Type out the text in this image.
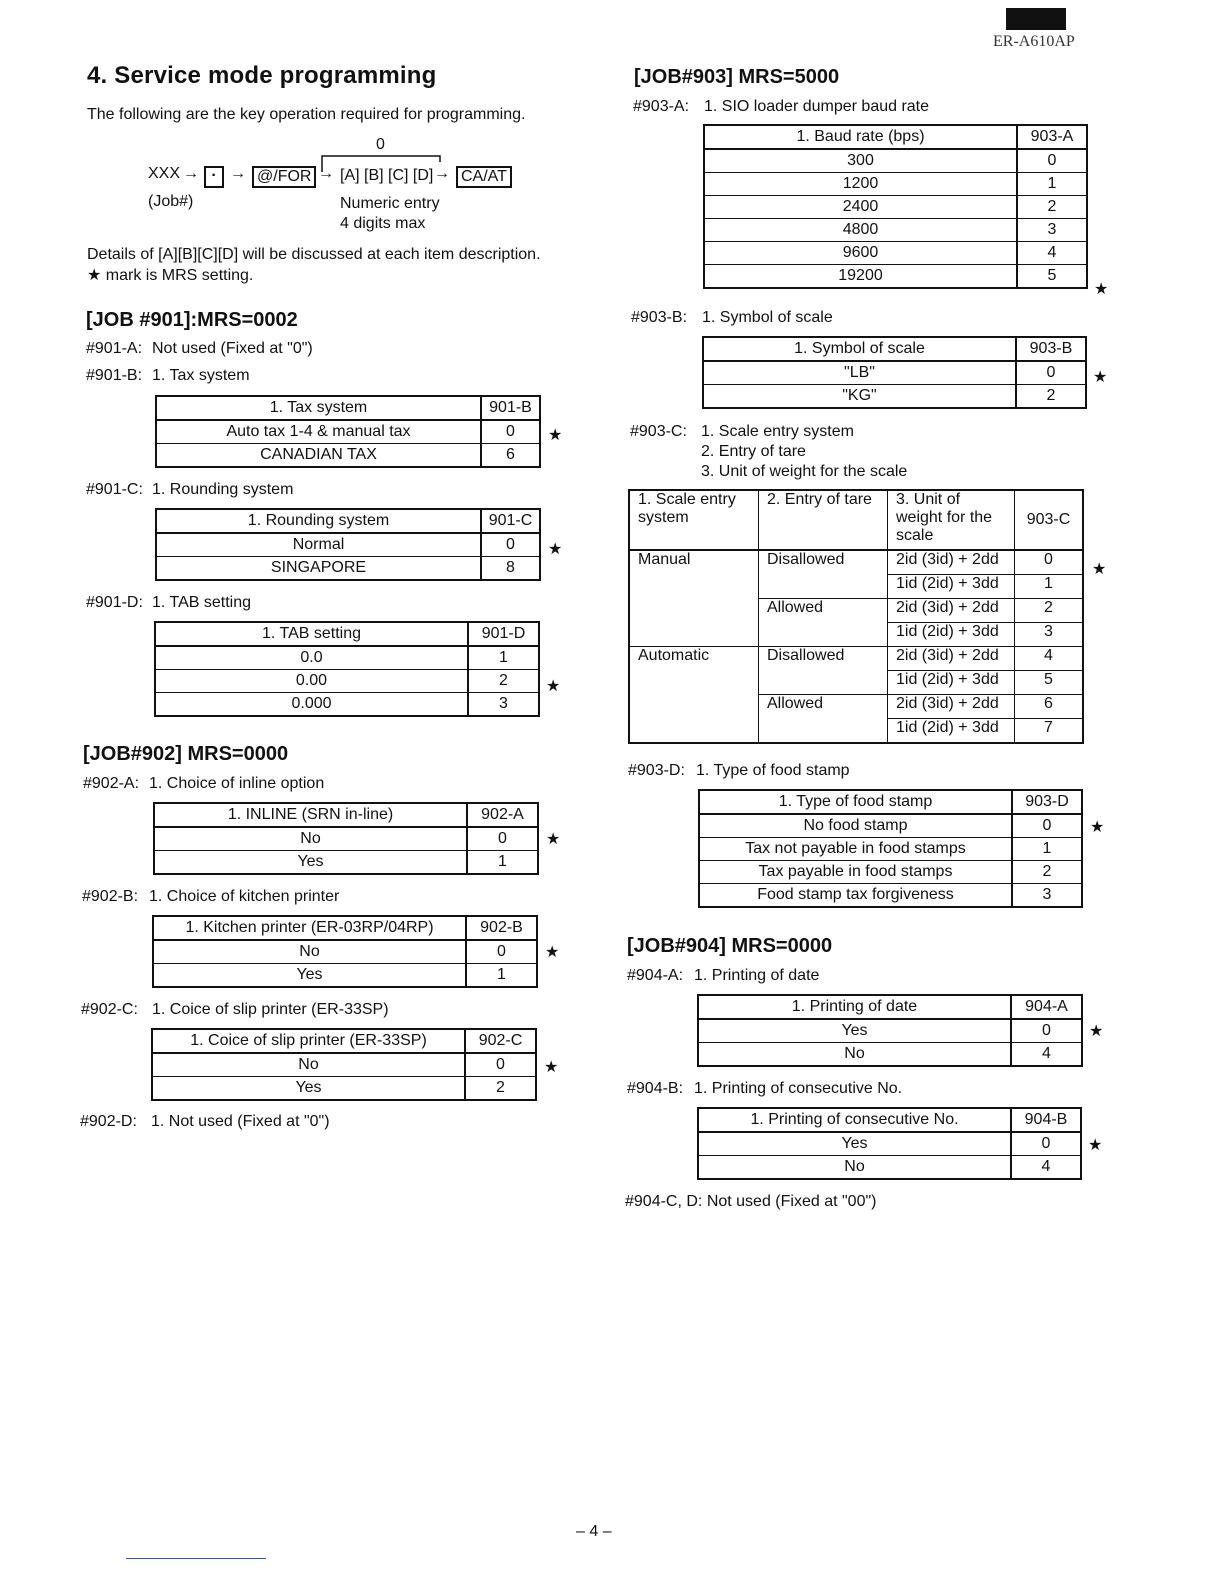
ER-A610AP
4. Service mode programming
The following are the key operation required for programming.
0
XXX → · → @/FOR → [A] [B] [C] [D] → CA/AT
(Job#)	Numeric entry
4 digits max
Details of [A][B][C][D] will be discussed at each item description.
★ mark is MRS setting.
[JOB #901]:MRS=0002
#901-A: Not used (Fixed at "0")
#901-B: 1. Tax system
1. Tax system	901-B
Auto tax 1-4 & manual tax	0
CANADIAN TAX	6
★
#901-C: 1. Rounding system
1. Rounding system	901-C
Normal	0
SINGAPORE	8
★
#901-D: 1. TAB setting
1. TAB setting	901-D
0.0	1
0.00	2
0.000	3
★
[JOB#902] MRS=0000
#902-A: 1. Choice of inline option
1. INLINE (SRN in-line)	902-A
No	0
Yes	1
★
#902-B: 1. Choice of kitchen printer
1. Kitchen printer (ER-03RP/04RP)	902-B
No	0
Yes	1
★
#902-C: 1. Coice of slip printer (ER-33SP)
1. Coice of slip printer (ER-33SP)	902-C
No	0
Yes	2
★
#902-D: 1. Not used (Fixed at "0")
[JOB#903] MRS=5000
#903-A: 1. SIO loader dumper baud rate
1. Baud rate (bps)	903-A
300	0
1200	1
2400	2
4800	3
9600	4
19200	5
★
#903-B: 1. Symbol of scale
1. Symbol of scale	903-B
"LB"	0
"KG"	2
★
#903-C: 1. Scale entry system
2. Entry of tare
3. Unit of weight for the scale
1. Scale entry system	2. Entry of tare	3. Unit of weight for the scale	903-C
Manual	Disallowed	2id (3id) + 2dd	0
		1id (2id) + 3dd	1
	Allowed	2id (3id) + 2dd	2
		1id (2id) + 3dd	3
Automatic	Disallowed	2id (3id) + 2dd	4
		1id (2id) + 3dd	5
	Allowed	2id (3id) + 2dd	6
		1id (2id) + 3dd	7
★
#903-D: 1. Type of food stamp
1. Type of food stamp	903-D
No food stamp	0
Tax not payable in food stamps	1
Tax payable in food stamps	2
Food stamp tax forgiveness	3
★
[JOB#904] MRS=0000
#904-A: 1. Printing of date
1. Printing of date	904-A
Yes	0
No	4
★
#904-B: 1. Printing of consecutive No.
1. Printing of consecutive No.	904-B
Yes	0
No	4
★
#904-C, D: Not used (Fixed at "00")
– 4 –
